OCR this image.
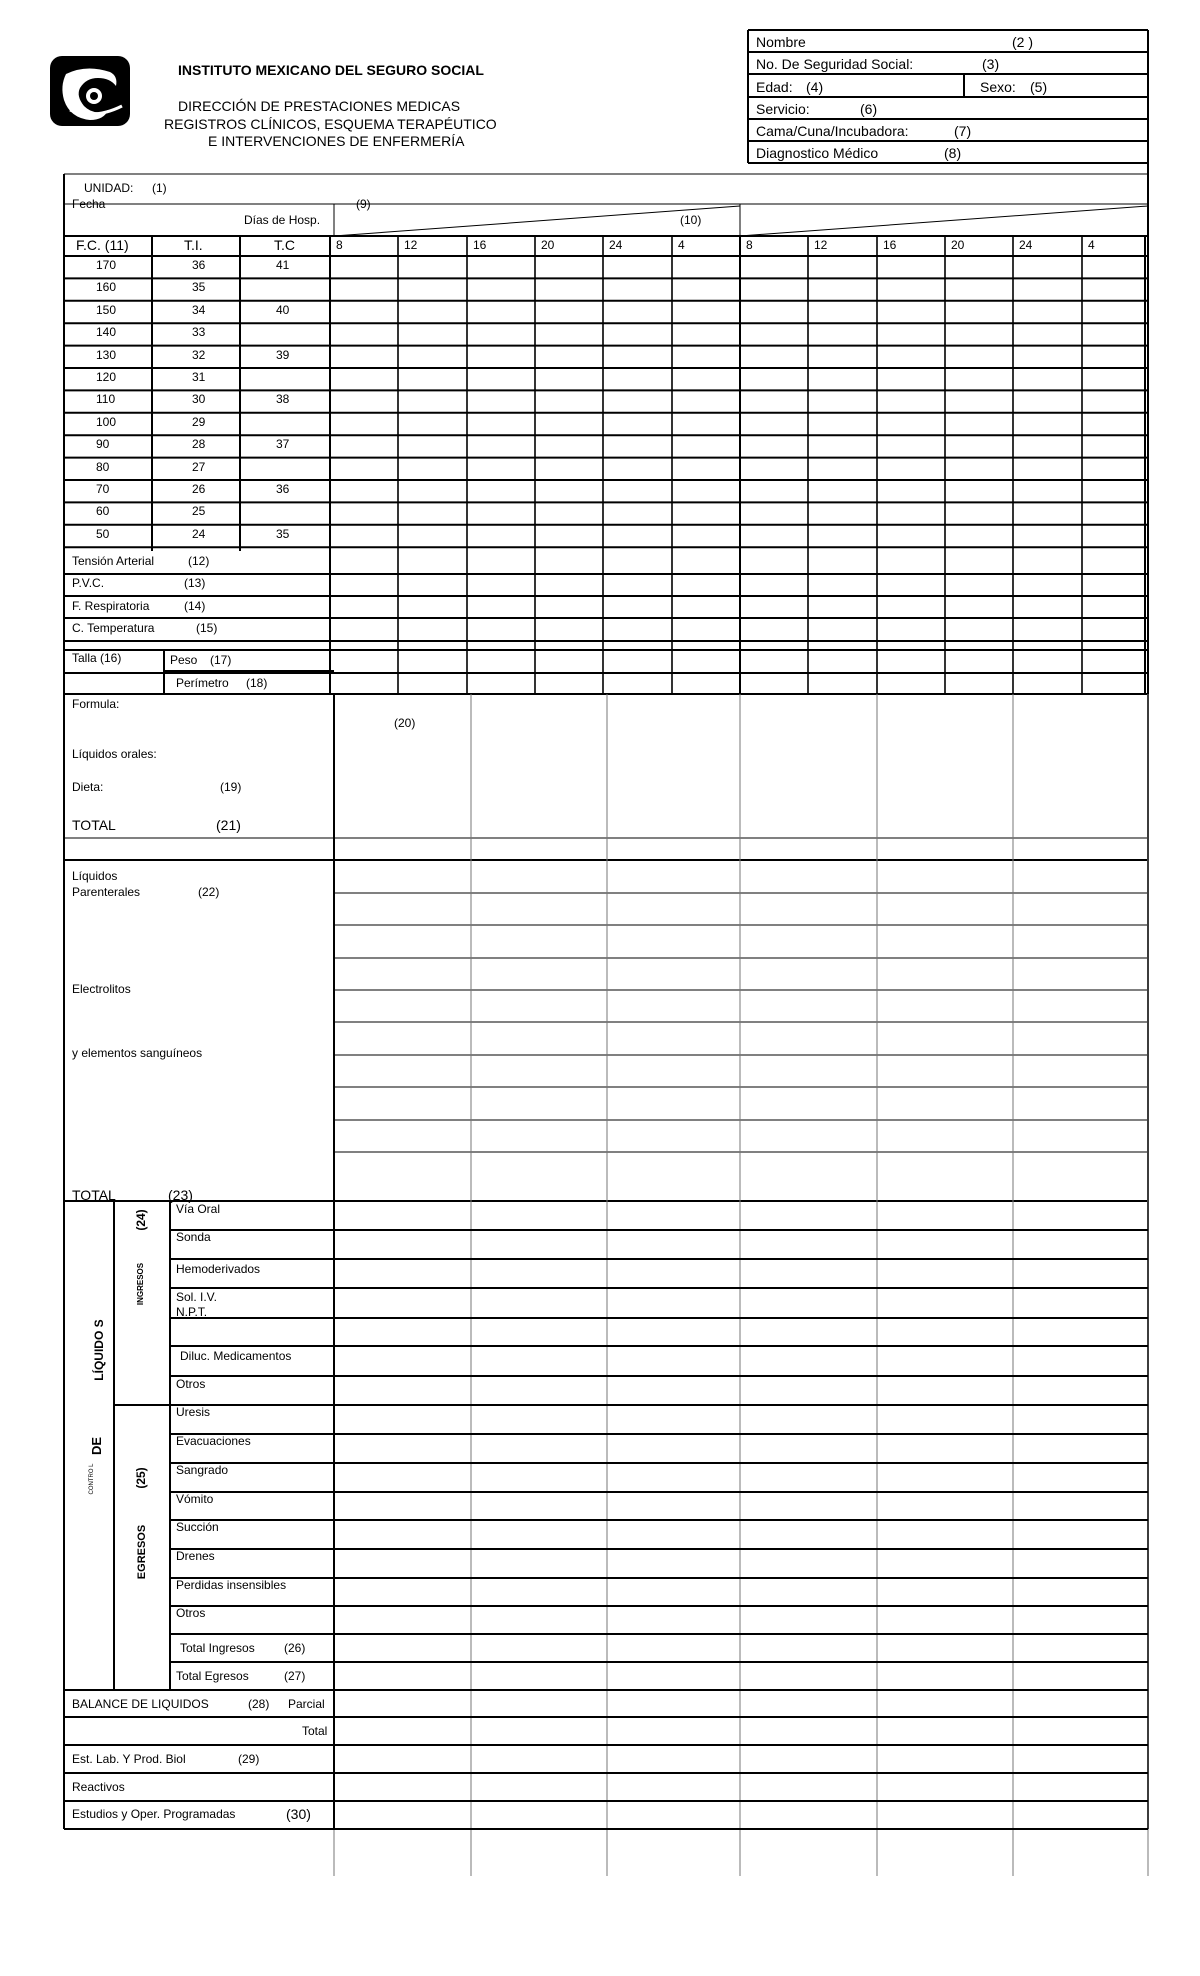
INSTITUTO MEXICANO DEL SEGURO SOCIAL
DIRECCIÓN DE PRESTACIONES MEDICAS
REGISTROS CLÍNICOS, ESQUEMA TERAPÉUTICO
E INTERVENCIONES DE ENFERMERÍA
Nombre	(2 )
No. De Seguridad Social:	(3)
Edad: (4)	Sexo: (5)
Servicio:	(6)
Cama/Cuna/Incubadora:	(7)
Diagnostico Médico	(8)
UNIDAD: (1)
Fecha	(9)
Días de Hosp.	(10)
F.C. (11)	T.I.	T.C	8	12	16	20	24	4	8	12	16	20	24	4
170	36	41
160	35
150	34	40
140	33
130	32	39
120	31
110	30	38
100	29
90	28	37
80	27
70	26	36
60	25
50	24	35
Tensión Arterial	(12)
P.V.C.	(13)
F. Respiratoria	(14)
C. Temperatura	(15)
Talla (16)	Peso (17)
Perímetro (18)
Formula:
(20)
Líquidos orales:
Dieta:	(19)
TOTAL	(21)
Líquidos
Parenterales	(22)
Electrolitos
y elementos sanguíneos
TOTAL	(23)
LÍQUIDO S
DE
CONTRO L
(24)
INGRESOS
(25)
EGRESOS
Vía Oral
Sonda
Hemoderivados
Sol. I.V.
N.P.T.
Diluc. Medicamentos
Otros
Uresis
Evacuaciones
Sangrado
Vómito
Succión
Drenes
Perdidas insensibles
Otros
Total Ingresos (26)
Total Egresos	(27)
BALANCE DE LIQUIDOS	(28) Parcial
Total
Est. Lab. Y Prod. Biol	(29)
Reactivos
Estudios y Oper. Programadas	(30)
